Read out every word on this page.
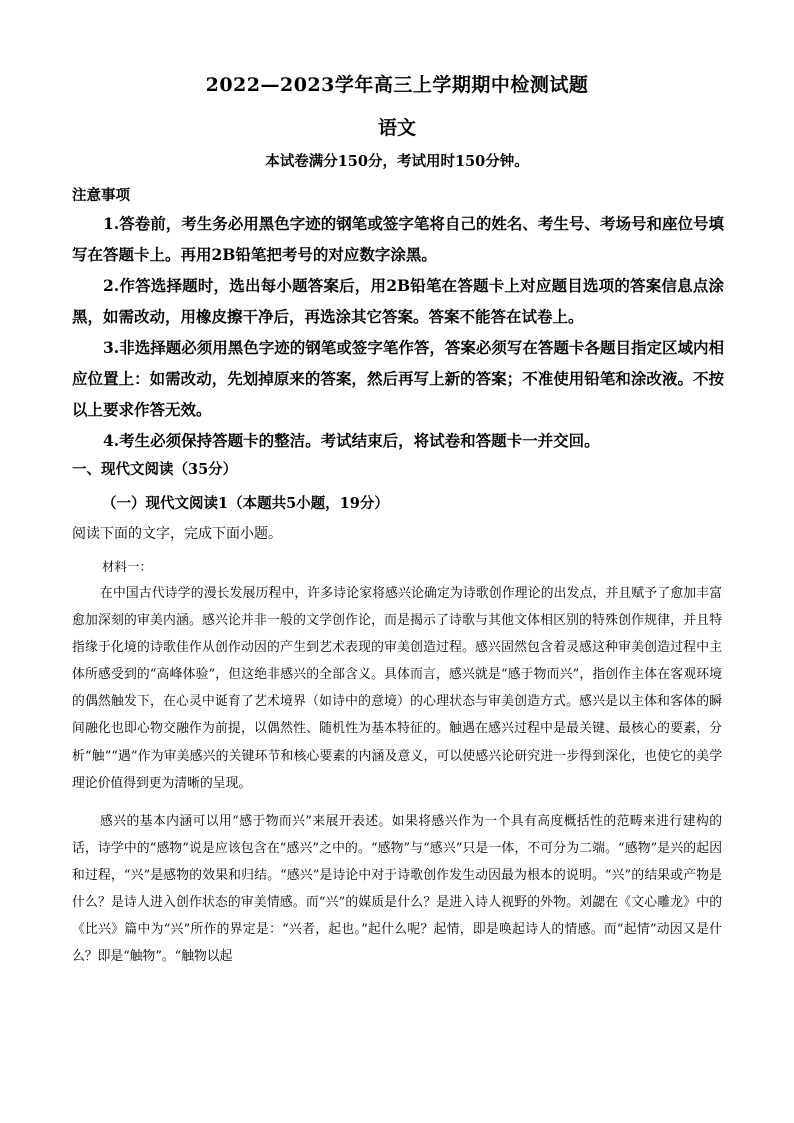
2022—2023学年高三上学期期中检测试题
语文
本试卷满分150分，考试用时150分钟。
注意事项

1.答卷前，考生务必用黑色字迹的钢笔或签字笔将自己的姓名、考生号、考场号和座位号填写在答题卡上。再用2B铅笔把考号的对应数字涂黑。

2.作答选择题时，选出每小题答案后，用2B铅笔在答题卡上对应题目选项的答案信息点涂黑，如需改动，用橡皮擦干净后，再选涂其它答案。答案不能答在试卷上。

3.非选择题必须用黑色字迹的钢笔或签字笔作答，答案必须写在答题卡各题目指定区域内相应位置上：如需改动，先划掉原来的答案，然后再写上新的答案；不准使用铅笔和涂改液。不按以上要求作答无效。

4.考生必须保持答题卡的整洁。考试结束后，将试卷和答题卡一并交回。

一、现代文阅读（35分）
（一）现代文阅读1（本题共5小题，19分）
阅读下面的文字，完成下面小题。
材料一：

在中国古代诗学的漫长发展历程中，许多诗论家将感兴论确定为诗歌创作理论的出发点，并且赋予了愈加丰富愈加深刻的审美内涵。感兴论并非一般的文学创作论，而是揭示了诗歌与其他文体相区别的特殊创作规律，并且特指缘于化境的诗歌佳作从创作动因的产生到艺术表现的审美创造过程。感兴固然包含着灵感这种审美创造过程中主体所感受到的“高峰体验”，但这绝非感兴的全部含义。具体而言，感兴就是“感于物而兴”，指创作主体在客观环境的偶然触发下，在心灵中诞育了艺术境界（如诗中的意境）的心理状态与审美创造方式。感兴是以主体和客体的瞬间融化也即心物交融作为前提，以偶然性、随机性为基本特征的。触遇在感兴过程中是最关键、最核心的要素，分析“触”“遇”作为审美感兴的关键环节和核心要素的内涵及意义，可以使感兴论研究进一步得到深化，也使它的美学理论价值得到更为清晰的呈现。

感兴的基本内涵可以用“感于物而兴”来展开表述。如果将感兴作为一个具有高度概括性的范畴来进行建构的话，诗学中的“感物”说是应该包含在“感兴”之中的。“感物”与“感兴”只是一体，不可分为二端。“感物”是兴的起因和过程，“兴”是感物的效果和归结。“感兴”是诗论中对于诗歌创作发生动因最为根本的说明。“兴”的结果或产物是什么？是诗人进入创作状态的审美情感。而“兴”的媒质是什么？是进入诗人视野的外物。刘勰在《文心雕龙》中的《比兴》篇中为“兴”所作的界定是：“兴者，起也。”起什么呢？起情，即是唤起诗人的情感。而“起情”动因又是什么？即是“触物”。“触物以起
